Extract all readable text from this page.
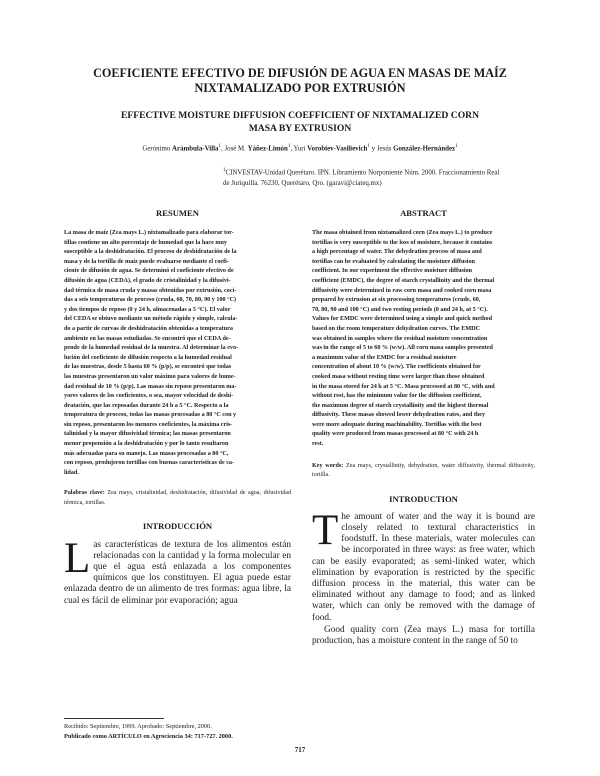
COEFICIENTE EFECTIVO DE DIFUSIÓN DE AGUA EN MASAS DE MAÍZ
NIXTAMALIZADO POR EXTRUSIÓN
EFFECTIVE MOISTURE DIFFUSION COEFFICIENT OF NIXTAMALIZED CORN
MASA BY EXTRUSION
Gerónimo Arámbula-Villa$^1$, José M. Yáñez-Limón$^1$, Yuri Vorobiev-Vasilievich$^1$ y Jesús González-Hernández$^1$
$^1$CINVESTAV-Unidad Querétaro. IPN. Libramiento Norponiente Núm. 2000. Fraccionamiento Real
de Juriquilla. 76230, Querétaro, Qro. (garavi@ciateq.mx)
RESUMEN
La masa de maíz (Zea mays L.) nixtamalizado para elaborar tor-
tillas contiene un alto porcentaje de humedad que la hace muy
susceptible a la deshidratación. El proceso de deshidratación de la
masa y de la tortilla de maíz puede evaluarse mediante el coefi-
ciente de difusión de agua. Se determinó el coeficiente efectivo de
difusión de agua (CEDA), el grado de cristalinidad y la difusivi-
dad térmica de masa cruda y masas obtenidas por extrusión, coci-
das a seis temperaturas de proceso (cruda, 60, 70, 80, 90 y 100 °C)
y dos tiempos de reposo (0 y 24 h, almacenadas a 5 °C). El valor
del CEDA se obtuvo mediante un método rápido y simple, calcula-
do a partir de curvas de deshidratación obtenidas a temperatura
ambiente en las masas estudiadas. Se encontró que el CEDA de-
pende de la humedad residual de la muestra. Al determinar la evo-
lución del coeficiente de difusión respecto a la humedad residual
de las muestras, desde 5 hasta 60 % (p/p), se encontró que todas
las muestras presentaron un valor máximo para valores de hume-
dad residual de 10 % (p/p). Las masas sin reposo presentaron ma-
yores valores de los coeficientes, o sea, mayor velocidad de deshi-
dratación, que las reposadas durante 24 h a 5 °C. Respecto a la
temperatura de proceso, todas las masas procesadas a 80 °C con y
sin reposo, presentaron los menores coeficientes, la máxima cris-
talinidad y la mayor difusividad térmica; las masas presentaron
menor propensión a la deshidratación y por lo tanto resultaron
más adecuadas para su manejo. Las masas procesadas a 80 °C,
con reposo, produjeron tortillas con buenas características de ca-
lidad.

Palabras clave: Zea mays, cristalinidad, deshidratación, difusividad de agua, difusividad térmica, tortillas.

INTRODUCCIÓN

Las características de textura de los alimentos están relacionadas con la cantidad y la forma molecular en que el agua está enlazada a los componentes químicos que los constituyen. El agua puede estar enlazada dentro de un alimento de tres formas: agua libre, la cual es fácil de eliminar por evaporación; agua

ABSTRACT
The masa obtained from nixtamalized corn (Zea mays L.) to produce
tortillas is very susceptible to the loss of moisture, because it contains
a high percentage of water. The dehydration process of masa and
tortillas can be evaluated by calculating the moisture diffusion
coefficient. In our experiment the effective moisture diffusion
coefficient (EMDC), the degree of starch crystallinity and the thermal
diffusivity were determined in raw corn masa and cooked corn masa
prepared by extrusion at six processing temperatures (crude, 60,
70, 80, 90 and 100 °C) and two resting periods (0 and 24 h, at 5 °C).
Values for EMDC were determined using a simple and quick method
based on the room temperature dehydration curves. The EMDC
was obtained in samples where the residual moisture concentration
was in the range of 5 to 60 % (w/w). All corn masa samples presented
a maximum value of the EMDC for a residual moisture
concentration of about 10 % (w/w). The coefficients obtained for
cooked masa without resting time were larger than those obtained
in the masa stored for 24 h at 5 °C. Masa processed at 80 °C, with and
without rest, has the minimum value for the diffusion coefficient,
the maximum degree of starch crystallinity and the highest thermal
diffusivity. These masas showed lower dehydration rates, and they
were more adequate during machinability. Tortillas with the best
quality were produced from masas processed at 80 °C with 24 h
rest.

Key words: Zea mays, crystallinity, dehydration, water diffusivity, thermal diffusivity, tortilla.

INTRODUCTION

The amount of water and the way it is bound are closely related to textural characteristics in foodstuff. In these materials, water molecules can be incorporated in three ways: as free water, which can be easily evaporated; as semi-linked water, which elimination by evaporation is restricted by the specific diffusion process in the material, this water can be eliminated without any damage to food; and as linked water, which can only be removed with the damage of food.

Good quality corn (Zea mays L.) masa for tortilla production, has a moisture content in the range of 50 to

Recibido: Septiembre, 1999. Aprobado: Septiembre, 2000.
Publicado como ARTÍCULO en Agrociencia 34: 717-727. 2000.
717
